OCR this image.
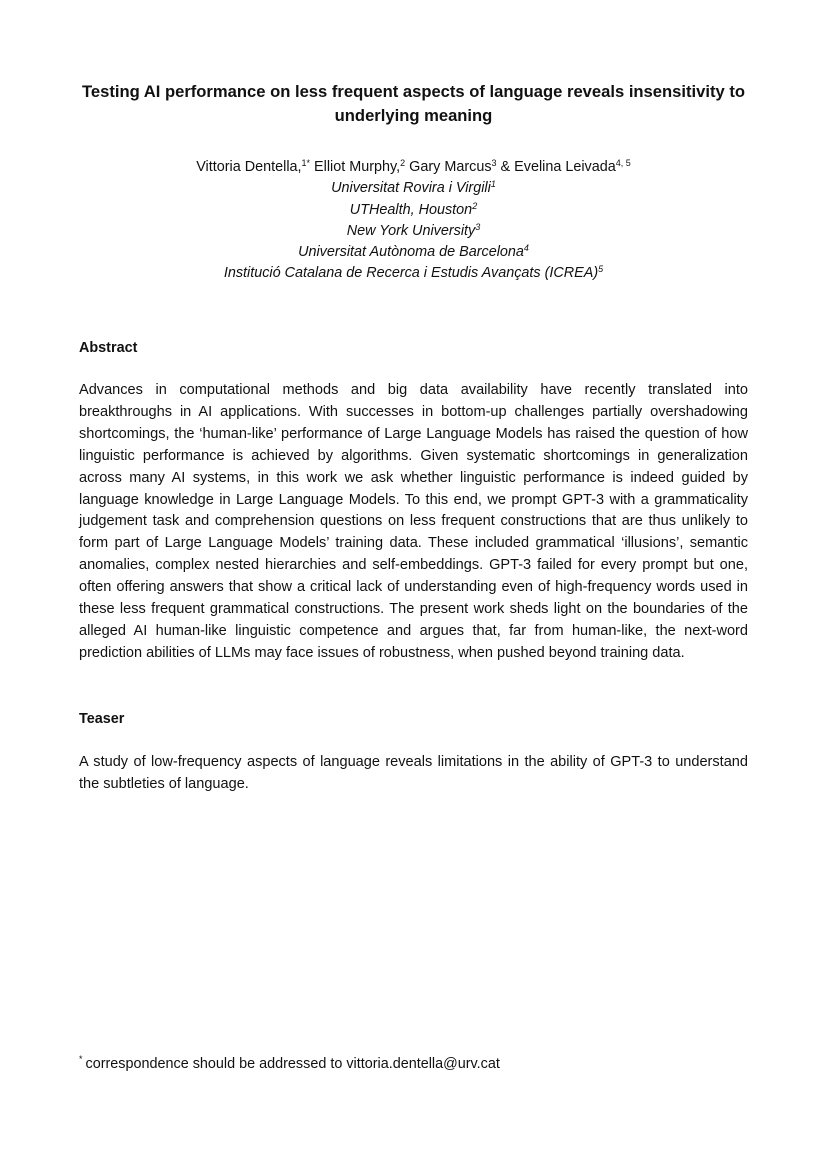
Testing AI performance on less frequent aspects of language reveals insensitivity to underlying meaning
Vittoria Dentella,$^{1*}$ Elliot Murphy,$^2$ Gary Marcus$^3$ & Evelina Leivada$^{4, 5}$
Universitat Rovira i Virgili$^1$
UTHealth, Houston$^2$
New York University$^3$
Universitat Autònoma de Barcelona$^4$
Institució Catalana de Recerca i Estudis Avançats (ICREA)$^5$
Abstract

Advances in computational methods and big data availability have recently translated into breakthroughs in AI applications. With successes in bottom-up challenges partially overshadowing shortcomings, the ‘human-like’ performance of Large Language Models has raised the question of how linguistic performance is achieved by algorithms. Given systematic shortcomings in generalization across many AI systems, in this work we ask whether linguistic performance is indeed guided by language knowledge in Large Language Models. To this end, we prompt GPT-3 with a grammaticality judgement task and comprehension questions on less frequent constructions that are thus unlikely to form part of Large Language Models’ training data. These included grammatical ‘illusions’, semantic anomalies, complex nested hierarchies and self-embeddings. GPT-3 failed for every prompt but one, often offering answers that show a critical lack of understanding even of high-frequency words used in these less frequent grammatical constructions. The present work sheds light on the boundaries of the alleged AI human-like linguistic competence and argues that, far from human-like, the next-word prediction abilities of LLMs may face issues of robustness, when pushed beyond training data.

Teaser

A study of low-frequency aspects of language reveals limitations in the ability of GPT-3 to understand the subtleties of language.

* correspondence should be addressed to vittoria.dentella@urv.cat
